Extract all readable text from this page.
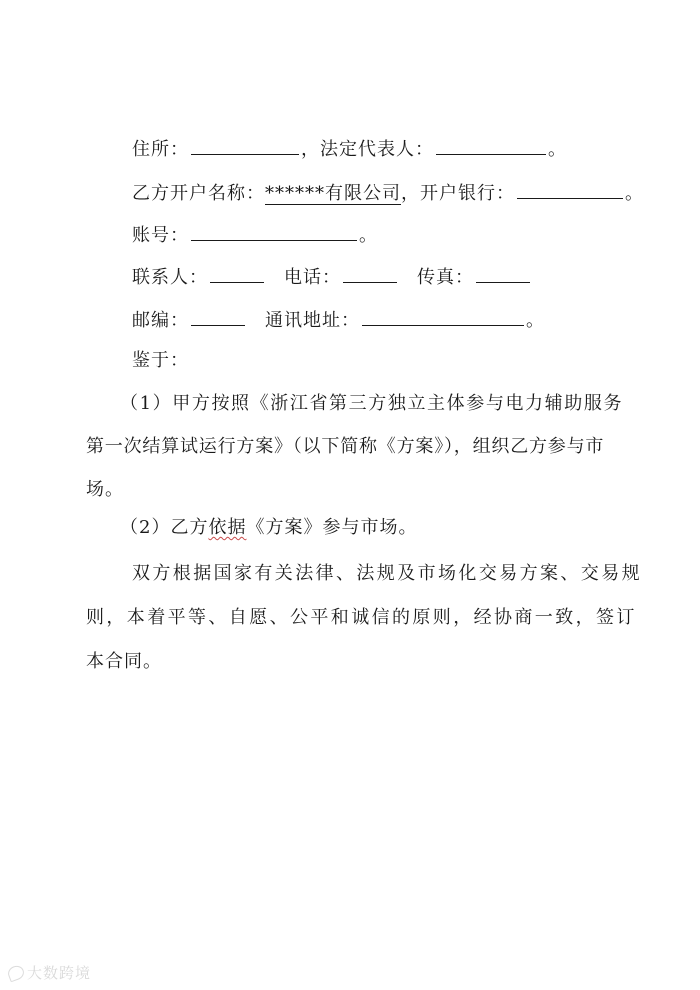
住所：	，法定代表人：	。
乙方开户名称：******有限公司，开户银行：	。
账号：	。
联系人：	电话：	传真：
邮编：	通讯地址：	。
鉴于：
（1）甲方按照《浙江省第三方独立主体参与电力辅助服务
第一次结算试运行方案》（以下简称《方案》），组织乙方参与市
场。
（2）乙方依据《方案》参与市场。
双方根据国家有关法律、法规及市场化交易方案、交易规
则，本着平等、自愿、公平和诚信的原则，经协商一致，签订
本合同。
大数跨境
